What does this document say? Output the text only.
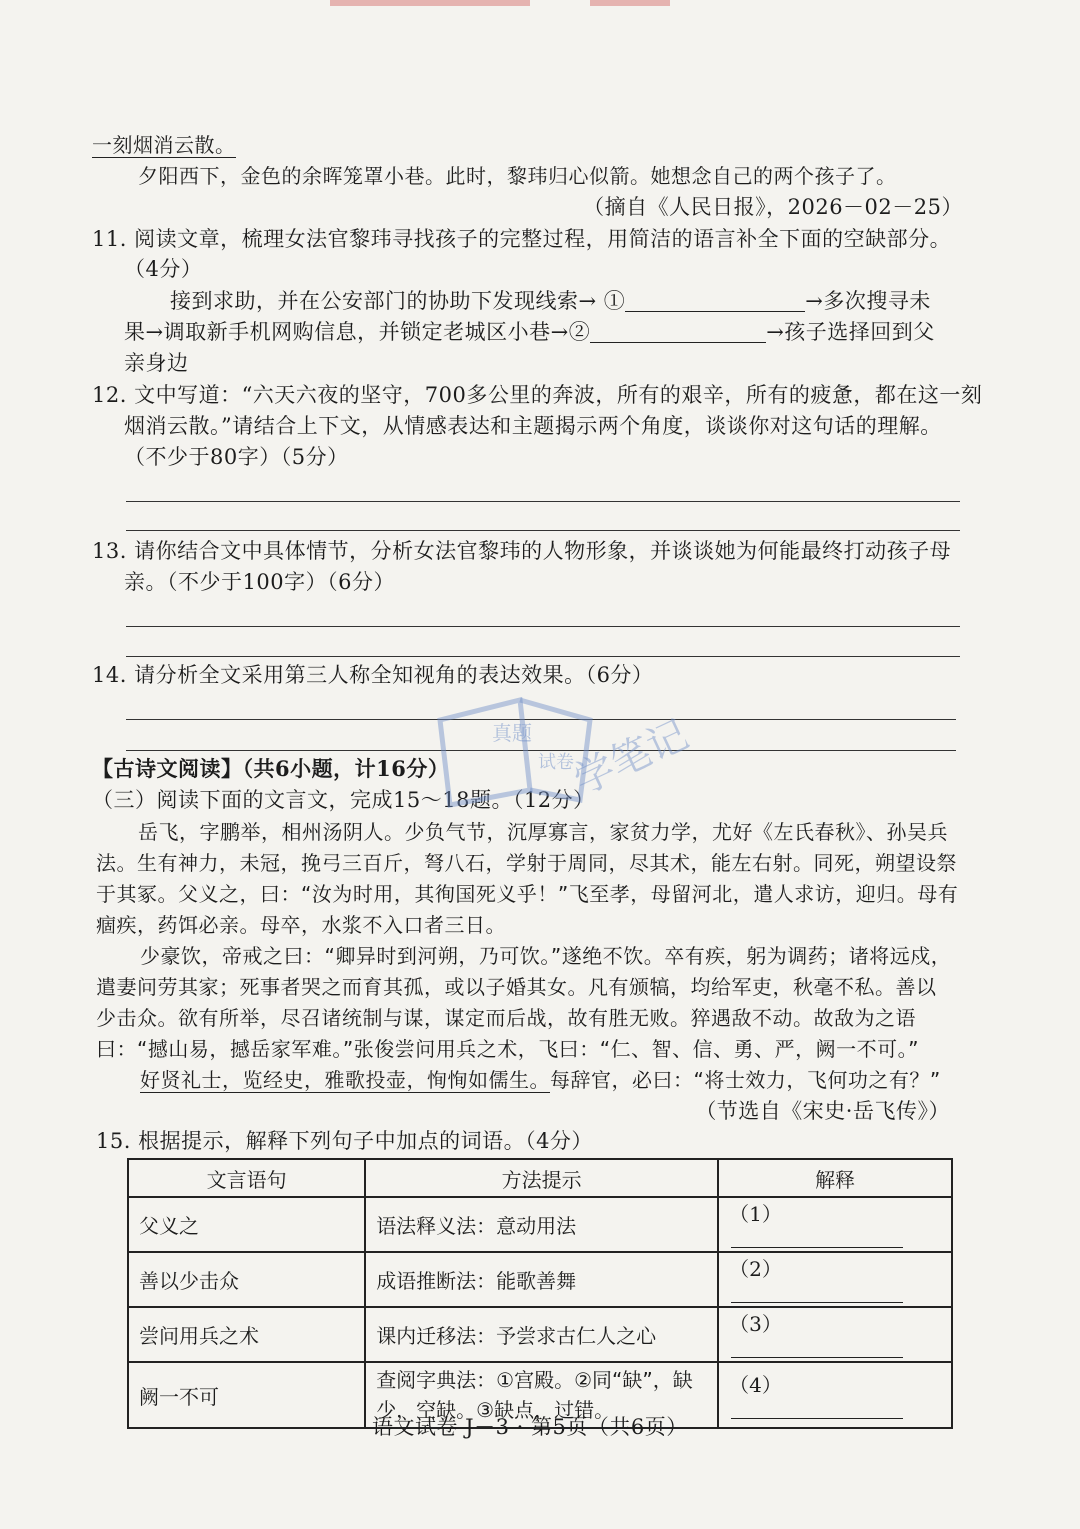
一刻烟消云散。
夕阳西下，金色的余晖笼罩小巷。此时，黎玮归心似箭。她想念自己的两个孩子了。
（摘自《人民日报》，2026－02－25）
11. 阅读文章，梳理女法官黎玮寻找孩子的完整过程，用简洁的语言补全下面的空缺部分。
（4分）
接到求助，并在公安部门的协助下发现线索→ ①	→多次搜寻未
果→调取新手机网购信息，并锁定老城区小巷→②	→孩子选择回到父
亲身边
12. 文中写道：“六天六夜的坚守，700多公里的奔波，所有的艰辛，所有的疲惫，都在这一刻
烟消云散。”请结合上下文，从情感表达和主题揭示两个角度，谈谈你对这句话的理解。
（不少于80字）（5分）
13. 请你结合文中具体情节，分析女法官黎玮的人物形象，并谈谈她为何能最终打动孩子母
亲。（不少于100字）（6分）
14. 请分析全文采用第三人称全知视角的表达效果。（6分）
【古诗文阅读】（共6小题，计16分）
（三）阅读下面的文言文，完成15～18题。（12分）
岳飞，字鹏举，相州汤阴人。少负气节，沉厚寡言，家贫力学，尤好《左氏春秋》、孙吴兵
法。生有神力，未冠，挽弓三百斤，弩八石，学射于周同，尽其术，能左右射。同死，朔望设祭
于其冢。父义之，曰：“汝为时用，其徇国死义乎！”飞至孝，母留河北，遣人求访，迎归。母有
痼疾，药饵必亲。母卒，水浆不入口者三日。
少豪饮，帝戒之曰：“卿异时到河朔，乃可饮。”遂绝不饮。卒有疾，躬为调药；诸将远戍，
遣妻问劳其家；死事者哭之而育其孤，或以子婚其女。凡有颁犒，均给军吏，秋毫不私。善以
少击众。欲有所举，尽召诸统制与谋，谋定而后战，故有胜无败。猝遇敌不动。故敌为之语
曰：“撼山易，撼岳家军难。”张俊尝问用兵之术，飞曰：“仁、智、信、勇、严，阙一不可。”
好贤礼士，览经史，雅歌投壶，恂恂如儒生。每辞官，必曰：“将士效力，飞何功之有？”
（节选自《宋史·岳飞传》）
15. 根据提示，解释下列句子中加点的词语。（4分）
文言语句	方法提示	解释
父义之	语法释义法：意动用法	（1）
善以少击众	成语推断法：能歌善舞	（2）
尝问用兵之术	课内迁移法：予尝求古仁人之心	（3）
阙一不可	查阅字典法：①宫殿。②同“缺”，缺少，空缺。③缺点，过错。	（4）
语文试卷 J－3 · 第5页（共6页）
真题
试卷
学笔记
